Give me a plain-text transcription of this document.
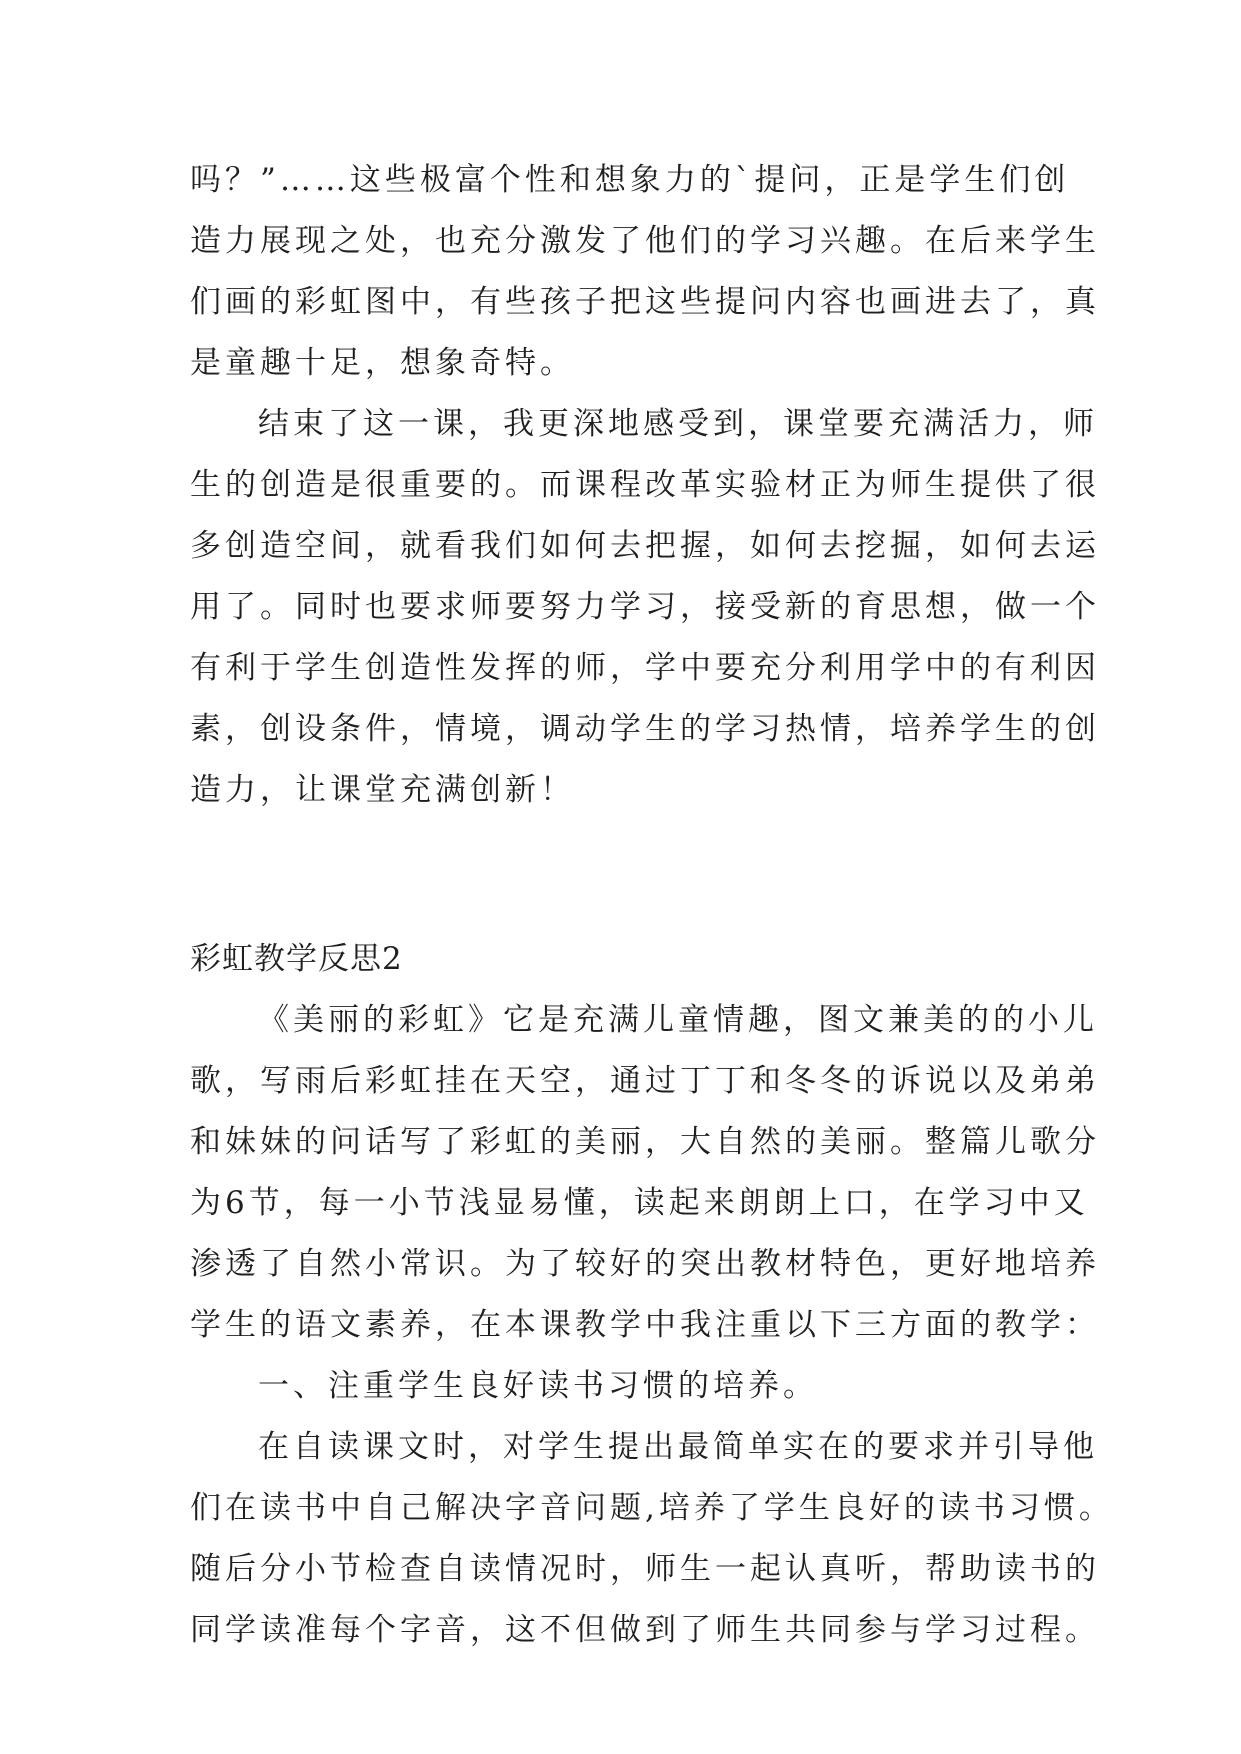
吗？”……这些极富个性和想象力的`提问，正是学生们创
造力展现之处，也充分激发了他们的学习兴趣。在后来学生
们画的彩虹图中，有些孩子把这些提问内容也画进去了，真
是童趣十足，想象奇特。
结束了这一课，我更深地感受到，课堂要充满活力，师
生的创造是很重要的。而课程改革实验材正为师生提供了很
多创造空间，就看我们如何去把握，如何去挖掘，如何去运
用了。同时也要求师要努力学习，接受新的育思想，做一个
有利于学生创造性发挥的师，学中要充分利用学中的有利因
素，创设条件，情境，调动学生的学习热情，培养学生的创
造力，让课堂充满创新！
彩虹教学反思2
《美丽的彩虹》它是充满儿童情趣，图文兼美的的小儿
歌，写雨后彩虹挂在天空，通过丁丁和冬冬的诉说以及弟弟
和妹妹的问话写了彩虹的美丽，大自然的美丽。整篇儿歌分
为6节，每一小节浅显易懂，读起来朗朗上口，在学习中又
渗透了自然小常识。为了较好的突出教材特色，更好地培养
学生的语文素养，在本课教学中我注重以下三方面的教学：
一、注重学生良好读书习惯的培养。
在自读课文时，对学生提出最简单实在的要求并引导他
们在读书中自己解决字音问题,培养了学生良好的读书习惯。
随后分小节检查自读情况时，师生一起认真听，帮助读书的
同学读准每个字音，这不但做到了师生共同参与学习过程。
